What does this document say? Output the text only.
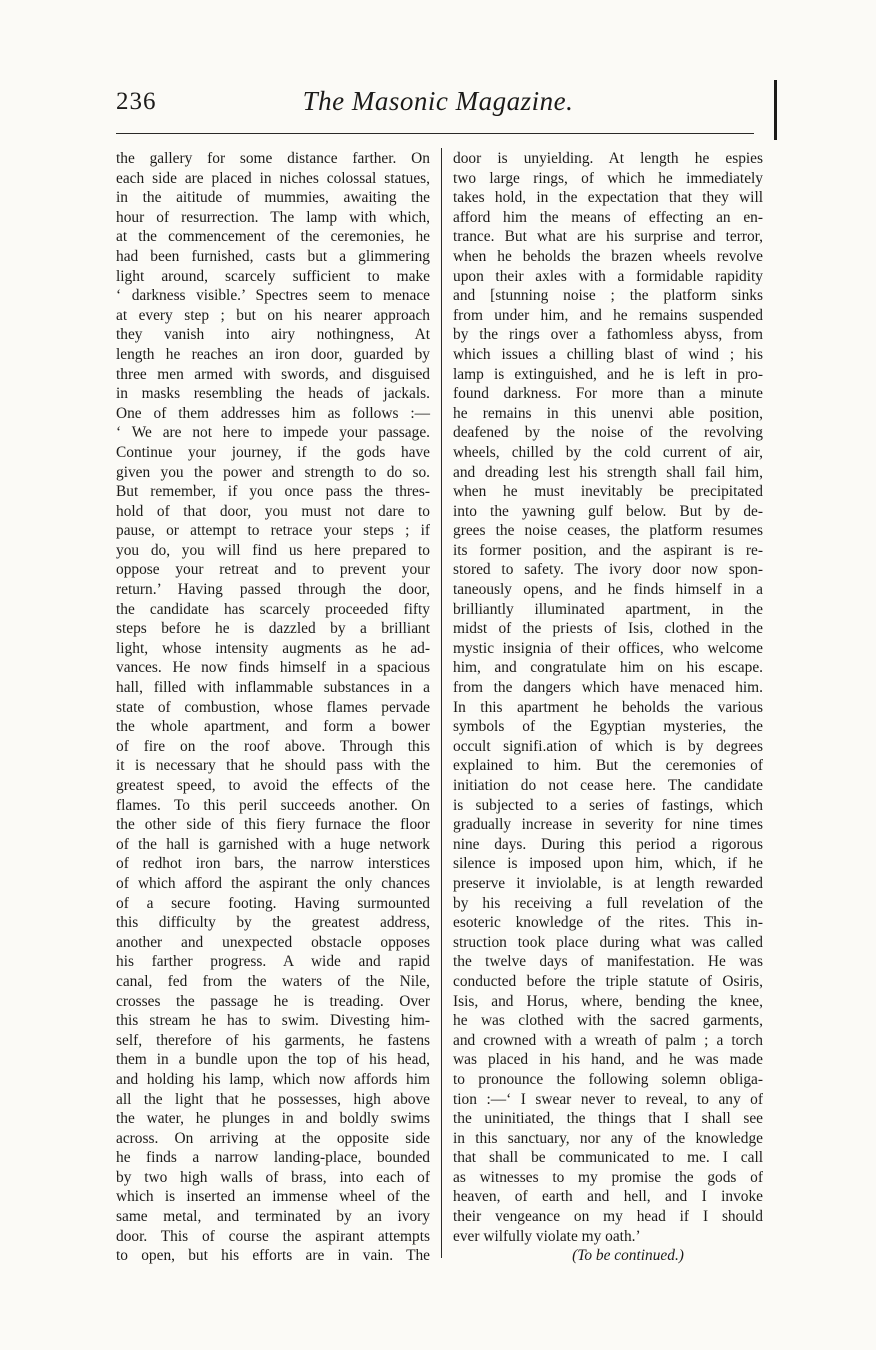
236	The Masonic Magazine.
the gallery for some distance farther. On
each side are placed in niches colossal statues,
in the aititude of mummies, awaiting the
hour of resurrection. The lamp with which,
at the commencement of the ceremonies, he
had been furnished, casts but a glimmering
light around, scarcely sufficient to make
‘ darkness visible.’ Spectres seem to menace
at every step ; but on his nearer approach
they vanish into airy nothingness, At
length he reaches an iron door, guarded by
three men armed with swords, and disguised
in masks resembling the heads of jackals.
One of them addresses him as follows :—
‘ We are not here to impede your passage.
Continue your journey, if the gods have
given you the power and strength to do so.
But remember, if you once pass the thres-
hold of that door, you must not dare to
pause, or attempt to retrace your steps ; if
you do, you will find us here prepared to
oppose your retreat and to prevent your
return.’ Having passed through the door,
the candidate has scarcely proceeded fifty
steps before he is dazzled by a brilliant
light, whose intensity augments as he ad-
vances. He now finds himself in a spacious
hall, filled with inflammable substances in a
state of combustion, whose flames pervade
the whole apartment, and form a bower
of fire on the roof above. Through this
it is necessary that he should pass with the
greatest speed, to avoid the effects of the
flames. To this peril succeeds another. On
the other side of this fiery furnace the floor
of the hall is garnished with a huge network
of redhot iron bars, the narrow interstices
of which afford the aspirant the only chances
of a secure footing. Having surmounted
this difficulty by the greatest address,
another and unexpected obstacle opposes
his farther progress. A wide and rapid
canal, fed from the waters of the Nile,
crosses the passage he is treading. Over
this stream he has to swim. Divesting him-
self, therefore of his garments, he fastens
them in a bundle upon the top of his head,
and holding his lamp, which now affords him
all the light that he possesses, high above
the water, he plunges in and boldly swims
across. On arriving at the opposite side
he finds a narrow landing-place, bounded
by two high walls of brass, into each of
which is inserted an immense wheel of the
same metal, and terminated by an ivory
door. This of course the aspirant attempts
to open, but his efforts are in vain. The
door is unyielding. At length he espies
two large rings, of which he immediately
takes hold, in the expectation that they will
afford him the means of effecting an en-
trance. But what are his surprise and terror,
when he beholds the brazen wheels revolve
upon their axles with a formidable rapidity
and [stunning noise ; the platform sinks
from under him, and he remains suspended
by the rings over a fathomless abyss, from
which issues a chilling blast of wind ; his
lamp is extinguished, and he is left in pro-
found darkness. For more than a minute
he remains in this unenvi able position,
deafened by the noise of the revolving
wheels, chilled by the cold current of air,
and dreading lest his strength shall fail him,
when he must inevitably be precipitated
into the yawning gulf below. But by de-
grees the noise ceases, the platform resumes
its former position, and the aspirant is re-
stored to safety. The ivory door now spon-
taneously opens, and he finds himself in a
brilliantly illuminated apartment, in the
midst of the priests of Isis, clothed in the
mystic insignia of their offices, who welcome
him, and congratulate him on his escape.
from the dangers which have menaced him.
In this apartment he beholds the various
symbols of the Egyptian mysteries, the
occult signifi.ation of which is by degrees
explained to him. But the ceremonies of
initiation do not cease here. The candidate
is subjected to a series of fastings, which
gradually increase in severity for nine times
nine days. During this period a rigorous
silence is imposed upon him, which, if he
preserve it inviolable, is at length rewarded
by his receiving a full revelation of the
esoteric knowledge of the rites. This in-
struction took place during what was called
the twelve days of manifestation. He was
conducted before the triple statute of Osiris,
Isis, and Horus, where, bending the knee,
he was clothed with the sacred garments,
and crowned with a wreath of palm ; a torch
was placed in his hand, and he was made
to pronounce the following solemn obliga-
tion :—‘ I swear never to reveal, to any of
the uninitiated, the things that I shall see
in this sanctuary, nor any of the knowledge
that shall be communicated to me. I call
as witnesses to my promise the gods of
heaven, of earth and hell, and I invoke
their vengeance on my head if I should
ever wilfully violate my oath.’
(To be continued.)
